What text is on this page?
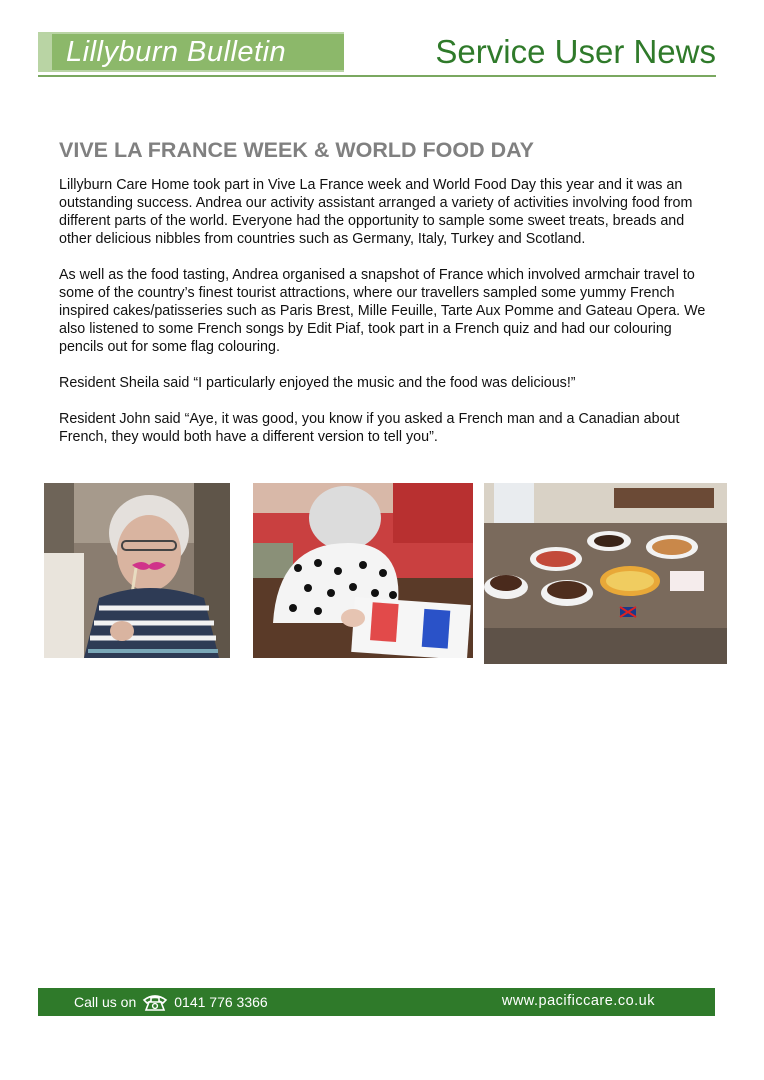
Lillyburn Bulletin	Service User News
VIVE LA FRANCE WEEK & WORLD FOOD DAY

Lillyburn Care Home took part in Vive La France week and World Food Day this year and it was an outstanding success. Andrea our activity assistant arranged a variety of activities involving food from different parts of the world. Everyone had the opportunity to sample some sweet treats, breads and other delicious nibbles from countries such as Germany, Italy, Turkey and Scotland.

As well as the food tasting, Andrea organised a snapshot of France which involved armchair travel to some of the country’s finest tourist attractions, where our travellers sampled some yummy French inspired cakes/patisseries such as Paris Brest, Mille Feuille, Tarte Aux Pomme and Gateau Opera. We also listened to some French songs by Edit Piaf, took part in a French quiz and had our colouring pencils out for some flag colouring.

Resident Sheila said “I particularly enjoyed the music and the food was delicious!”

Resident John said “Aye, it was good, you know if you asked a French man and a Canadian about French, they would both have a different version to tell you”.

Call us on	0141 776 3366	www.pacificcare.co.uk
